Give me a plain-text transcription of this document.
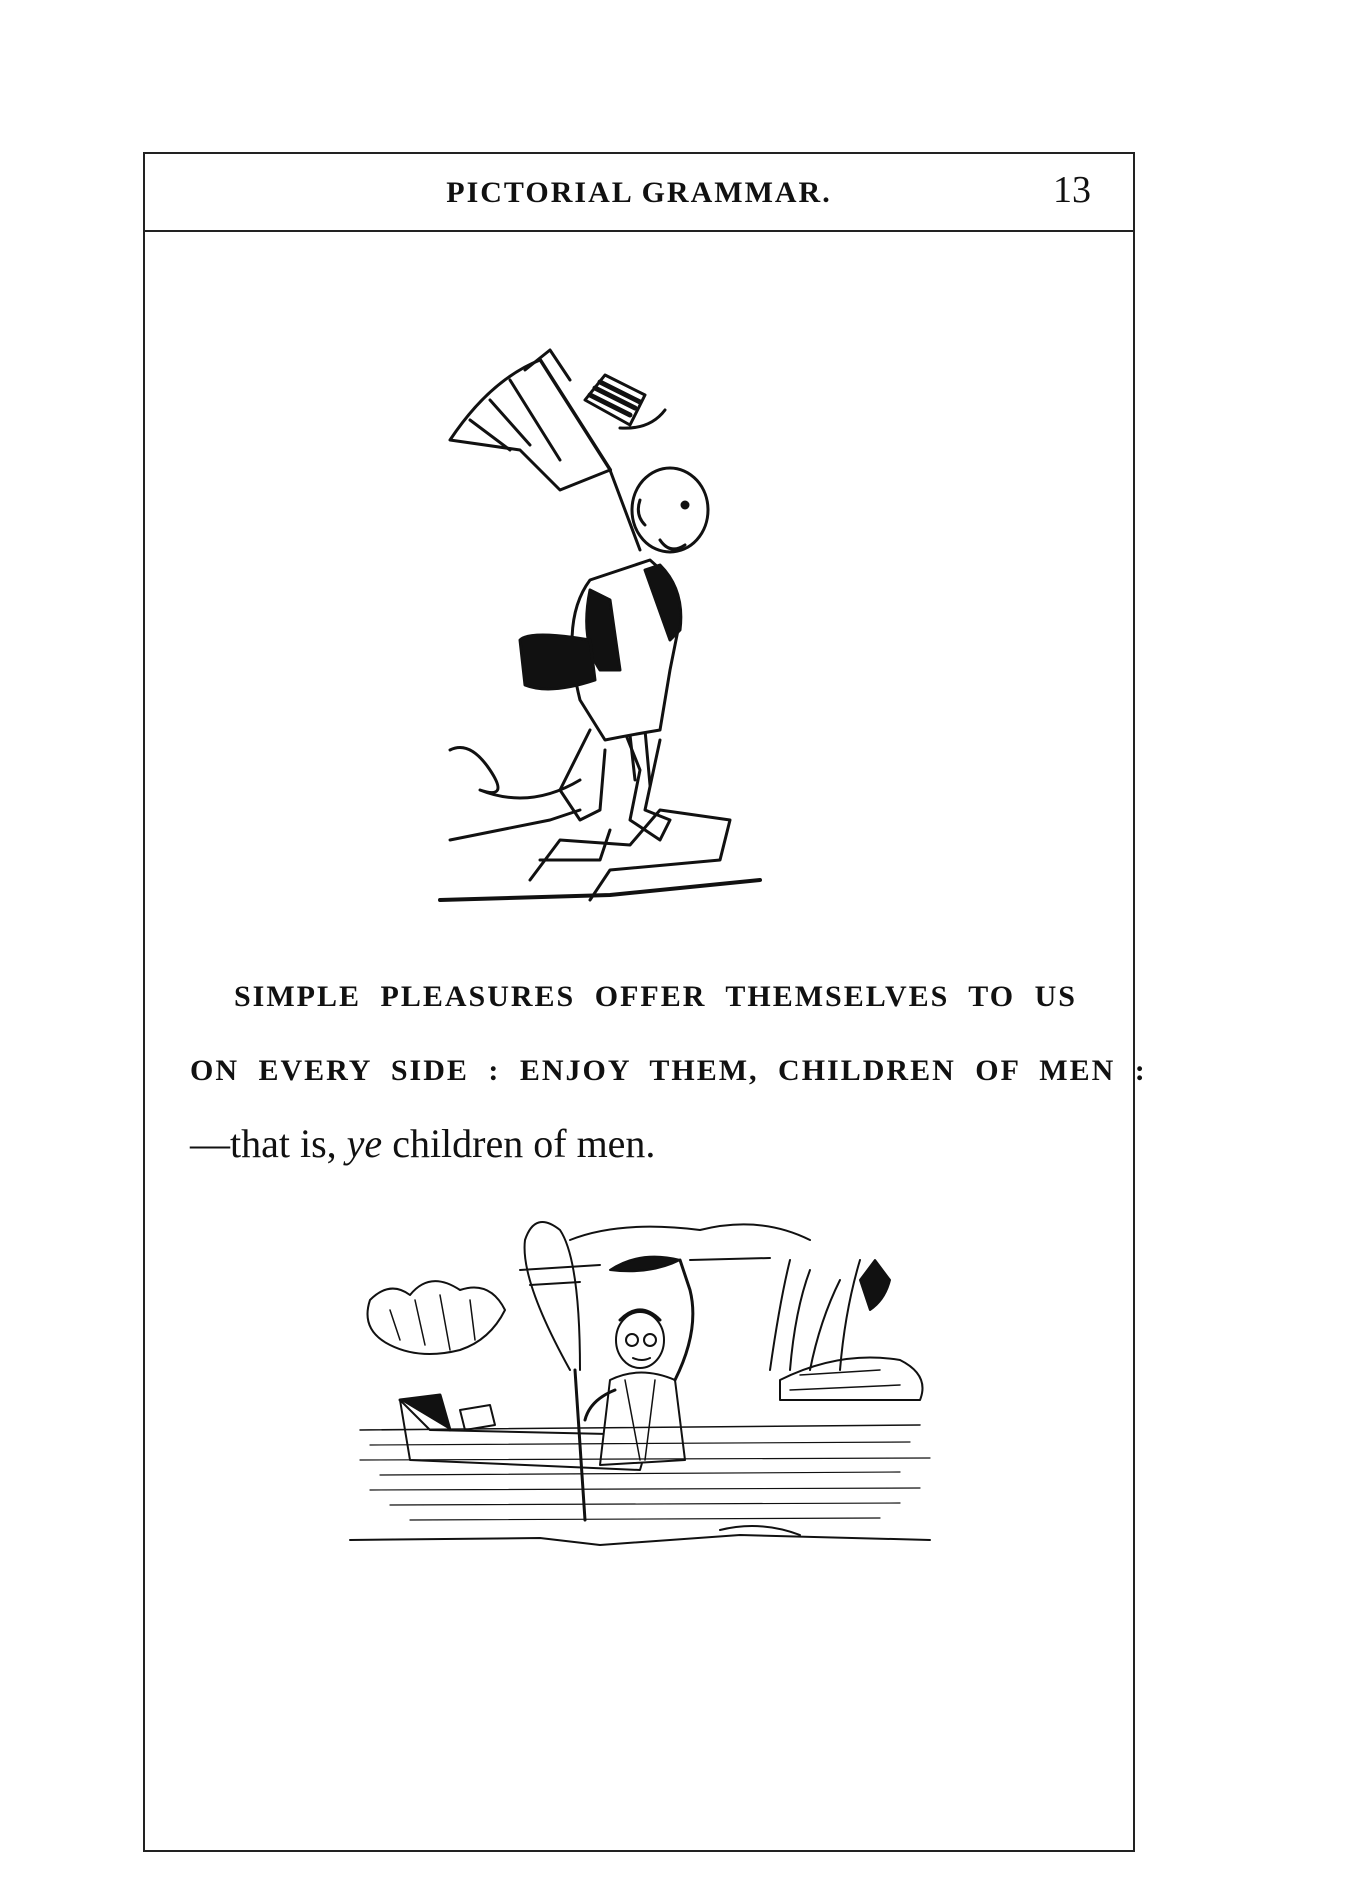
PICTORIAL GRAMMAR.	13
SIMPLE PLEASURES OFFER THEMSELVES TO US
ON EVERY SIDE : ENJOY THEM, CHILDREN OF MEN :
—that is, ye children of men.
